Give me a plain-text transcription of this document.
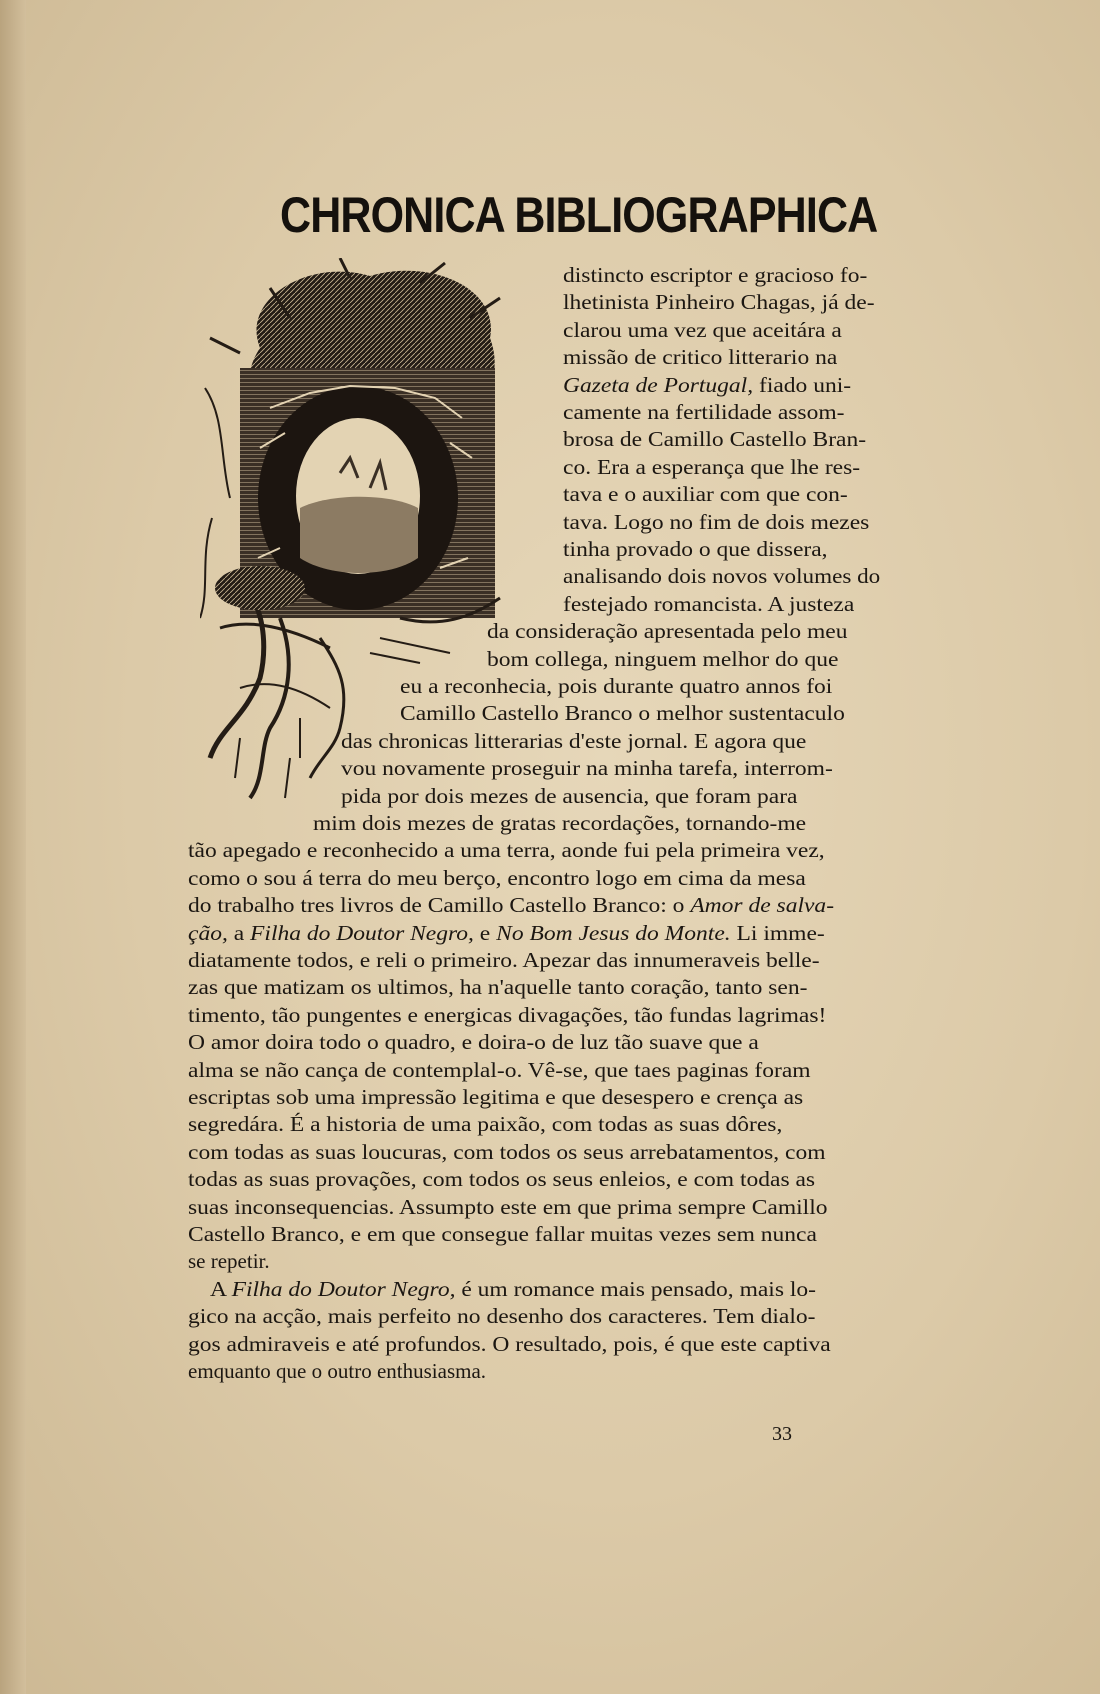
CHRONICA BIBLIOGRAPHICA
distincto escriptor e gracioso fo-
lhetinista Pinheiro Chagas, já de-
clarou uma vez que aceitára a
missão de critico litterario na
Gazeta de Portugal, fiado uni-
camente na fertilidade assom-
brosa de Camillo Castello Bran-
co. Era a esperança que lhe res-
tava e o auxiliar com que con-
tava. Logo no fim de dois mezes
tinha provado o que dissera,
analisando dois novos volumes do
festejado romancista. A justeza
da consideração apresentada pelo meu
bom collega, ninguem melhor do que
eu a reconhecia, pois durante quatro annos foi
Camillo Castello Branco o melhor sustentaculo
das chronicas litterarias d'este jornal. E agora que
vou novamente proseguir na minha tarefa, interrom-
pida por dois mezes de ausencia, que foram para
mim dois mezes de gratas recordações, tornando-me
tão apegado e reconhecido a uma terra, aonde fui pela primeira vez,
como o sou á terra do meu berço, encontro logo em cima da mesa
do trabalho tres livros de Camillo Castello Branco: o Amor de salva-
ção, a Filha do Doutor Negro, e No Bom Jesus do Monte. Li imme-
diatamente todos, e reli o primeiro. Apezar das innumeraveis belle-
zas que matizam os ultimos, ha n'aquelle tanto coração, tanto sen-
timento, tão pungentes e energicas divagações, tão fundas lagrimas!
O amor doira todo o quadro, e doira-o de luz tão suave que a
alma se não cança de contemplal-o. Vê-se, que taes paginas foram
escriptas sob uma impressão legitima e que desespero e crença as
segredára. É a historia de uma paixão, com todas as suas dôres,
com todas as suas loucuras, com todos os seus arrebatamentos, com
todas as suas provações, com todos os seus enleios, e com todas as
suas inconsequencias. Assumpto este em que prima sempre Camillo
Castello Branco, e em que consegue fallar muitas vezes sem nunca
se repetir.
A Filha do Doutor Negro, é um romance mais pensado, mais lo-
gico na acção, mais perfeito no desenho dos caracteres. Tem dialo-
gos admiraveis e até profundos. O resultado, pois, é que este captiva
emquanto que o outro enthusiasma.
33
